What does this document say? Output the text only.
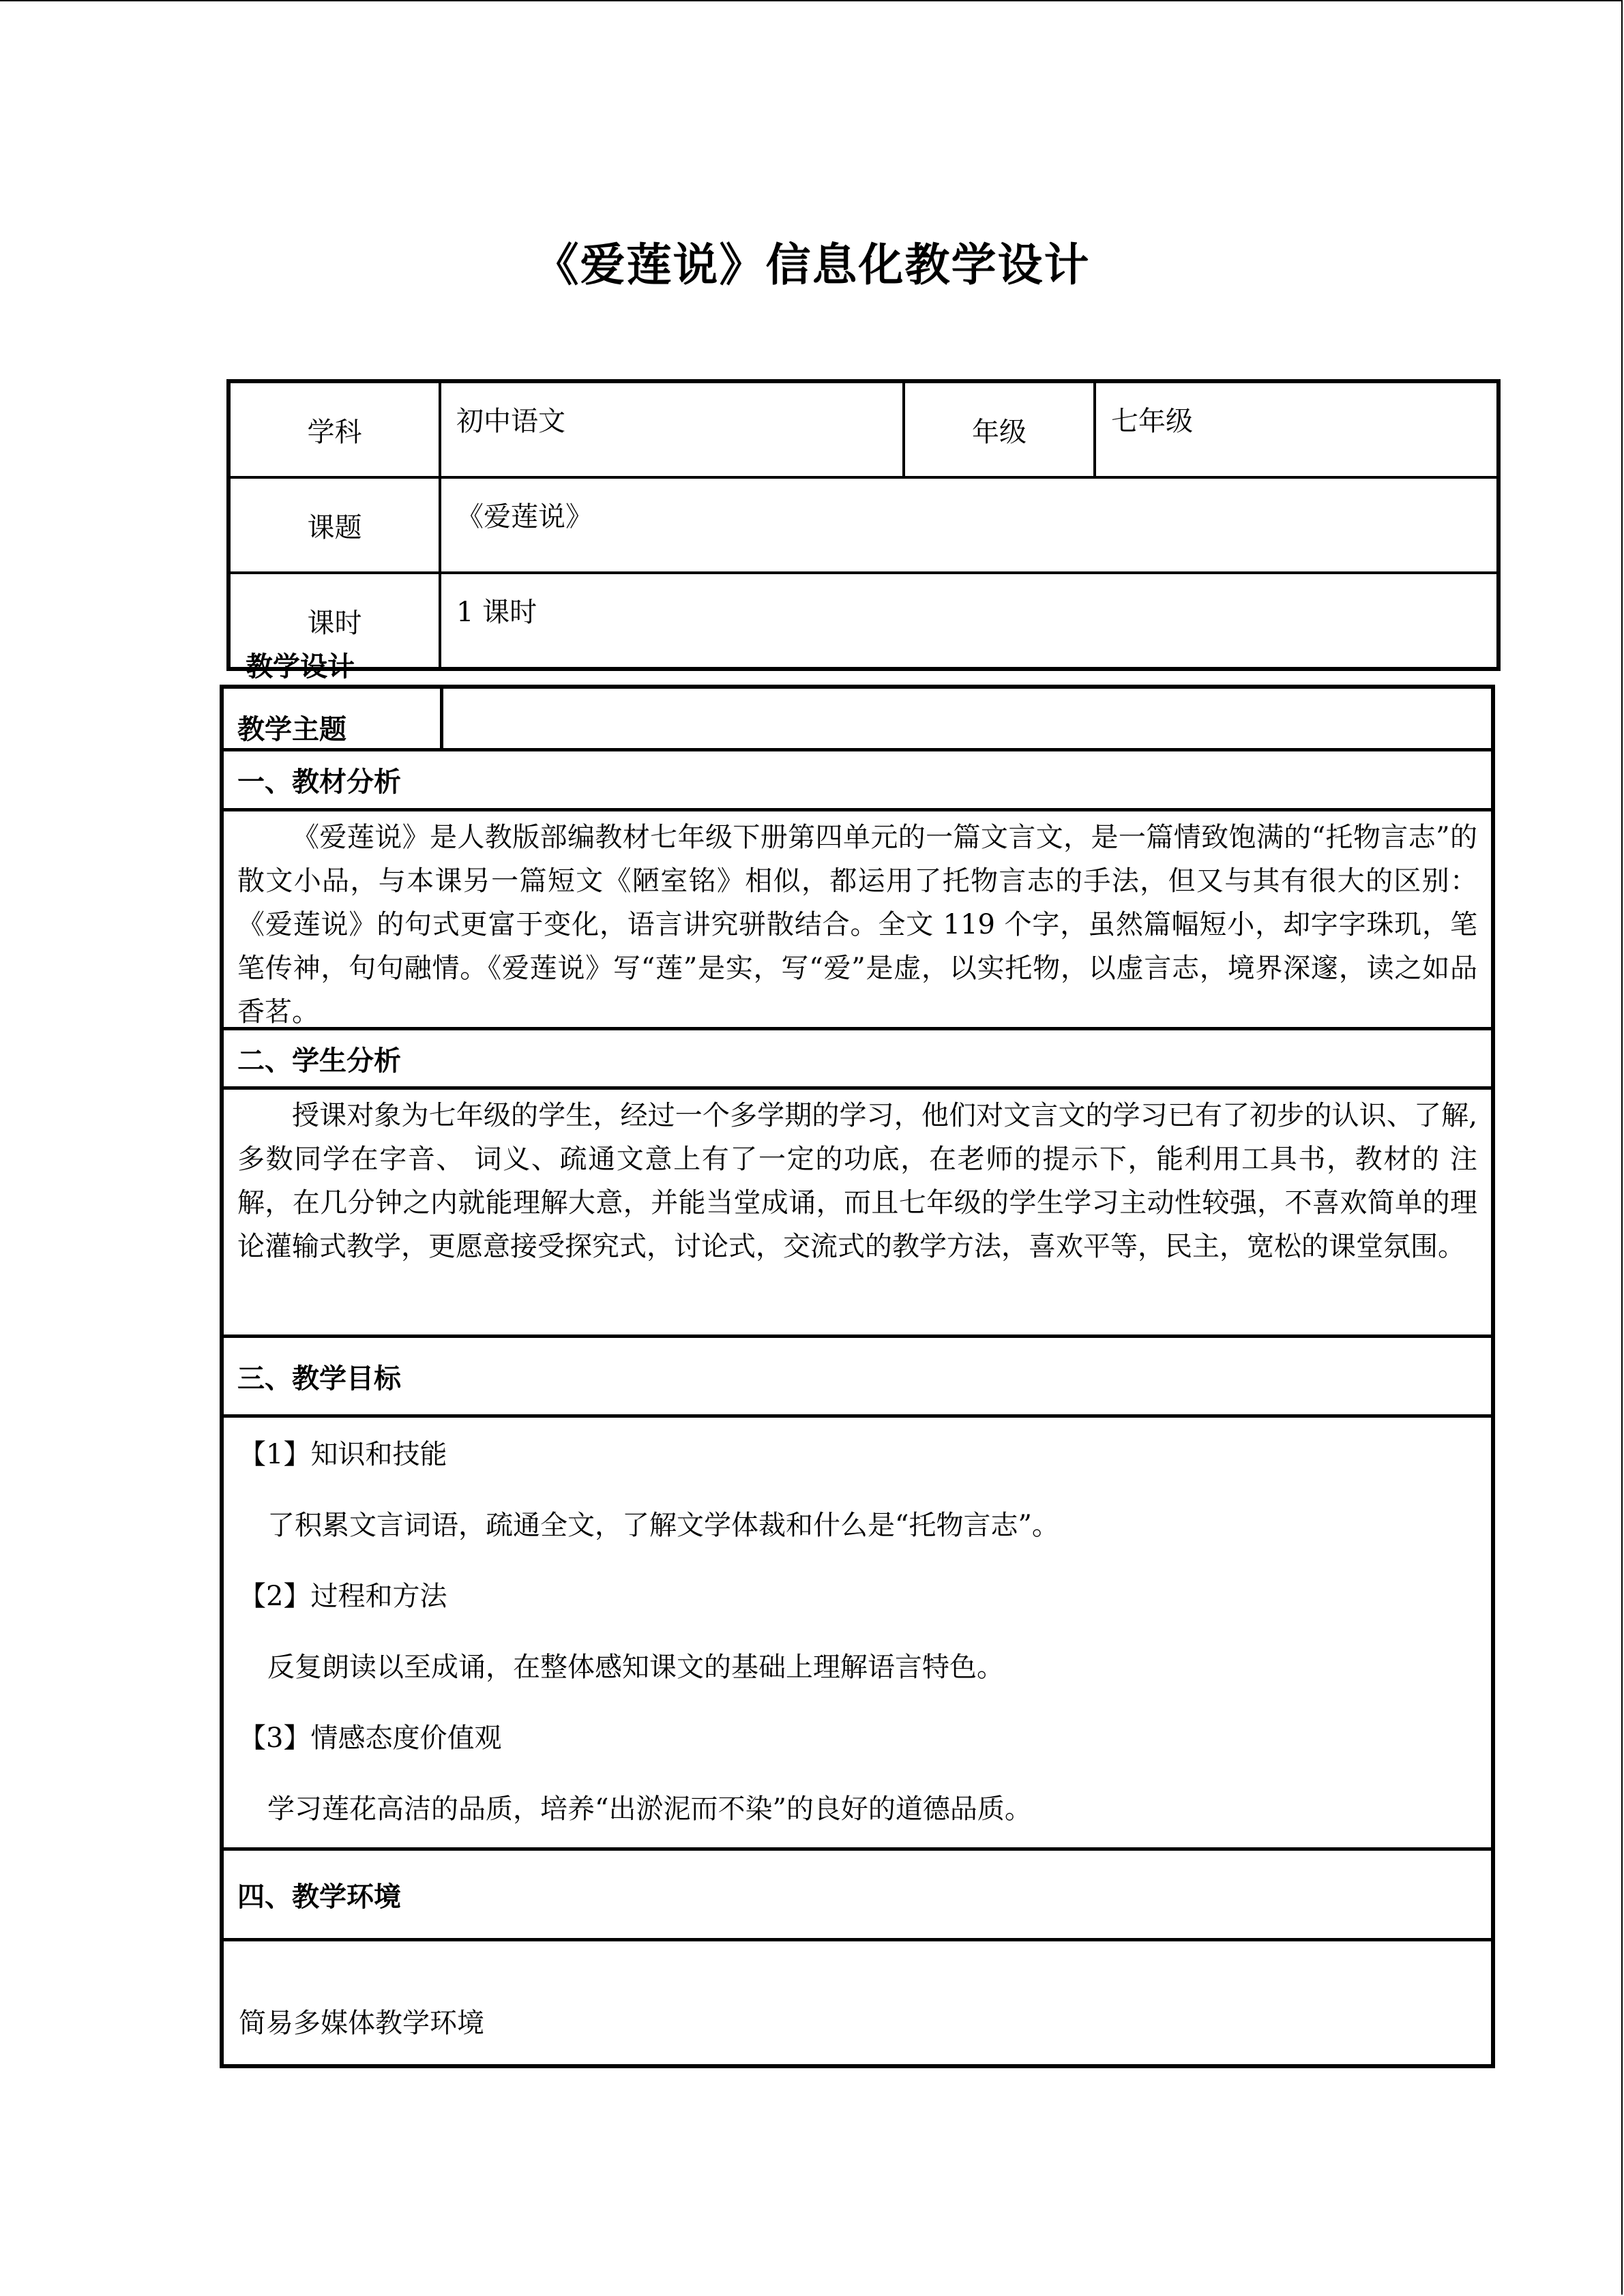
《爱莲说》信息化教学设计
学科	初中语文	年级	七年级
课题	《爱莲说》		
课时	1 课时		
教学设计
教学主题
一、教材分析

《爱莲说》是人教版部编教材七年级下册第四单元的一篇文言文，是一篇情致饱满的“托物言志”的散文小品，与本课另一篇短文《陋室铭》相似，都运用了托物言志的手法，但又与其有很大的区别：《爱莲说》的句式更富于变化，语言讲究骈散结合。全文 119 个字，虽然篇幅短小，却字字珠玑，笔笔传神，句句融情。《爱莲说》写“莲”是实，写“爱”是虚，以实托物，以虚言志，境界深邃，读之如品香茗。

二、学生分析

授课对象为七年级的学生，经过一个多学期的学习，他们对文言文的学习已有了初步的认识、了解, 多数同学在字音、 词义、疏通文意上有了一定的功底，在老师的提示下，能利用工具书，教材的 注解，在几分钟之内就能理解大意，并能当堂成诵，而且七年级的学生学习主动性较强，不喜欢简单的理论灌输式教学，更愿意接受探究式，讨论式，交流式的教学方法，喜欢平等，民主，宽松的课堂氛围。

三、教学目标

【1】知识和技能

了积累文言词语，疏通全文，了解文学体裁和什么是“托物言志”。

【2】过程和方法

反复朗读以至成诵，在整体感知课文的基础上理解语言特色。

【3】情感态度价值观

学习莲花高洁的品质，培养“出淤泥而不染”的良好的道德品质。

四、教学环境
简易多媒体教学环境
